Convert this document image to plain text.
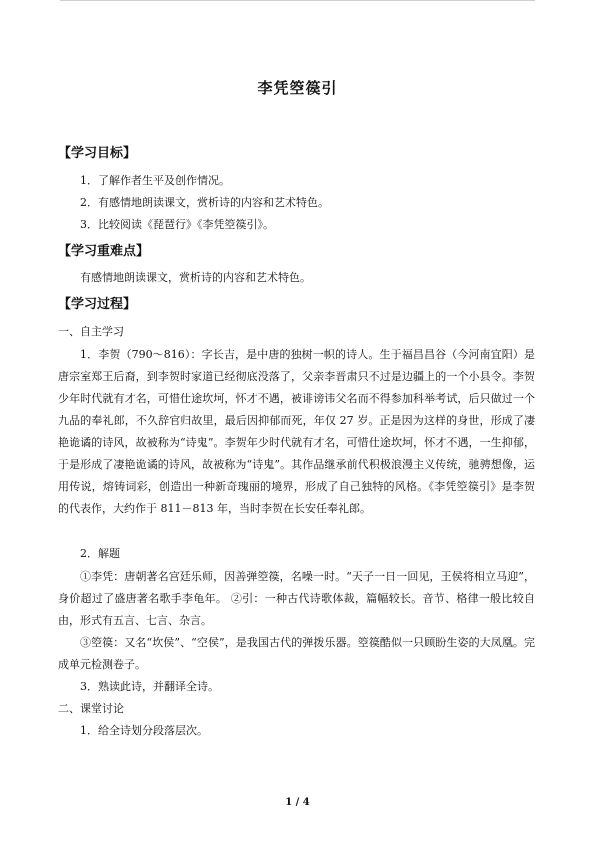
李凭箜篌引
【学习目标】
1．了解作者生平及创作情况。
2．有感情地朗读课文，赏析诗的内容和艺术特色。
3．比较阅读《琵琶行》《李凭箜篌引》。
【学习重难点】
有感情地朗读课文，赏析诗的内容和艺术特色。
【学习过程】
一、自主学习
1．李贺（790～816）：字长吉，是中唐的独树一帜的诗人。生于福昌昌谷（今河南宜阳）是唐宗室郑王后裔，到李贺时家道已经彻底没落了，父亲李晋肃只不过是边疆上的一个小县令。李贺少年时代就有才名，可惜仕途坎坷，怀才不遇，被诽谤讳父名而不得参加科举考试，后只做过一个九品的奉礼郎，不久辞官归故里，最后因抑郁而死，年仅 27 岁。正是因为这样的身世，形成了凄艳诡谲的诗风，故被称为“诗鬼”。李贺年少时代就有才名，可惜仕途坎坷，怀才不遇，一生抑郁，于是形成了凄艳诡谲的诗风，故被称为“诗鬼”。其作品继承前代积极浪漫主义传统，驰骋想像，运用传说，熔铸词彩，创造出一种新奇瑰丽的境界，形成了自己独特的风格。《李凭箜篌引》是李贺的代表作，大约作于 811－813 年，当时李贺在长安任奉礼郎。
2．解题
①李凭：唐朝著名宫廷乐师，因善弹箜篌，名噪一时。“天子一日一回见，王侯将相立马迎”，身价超过了盛唐著名歌手李龟年。 ②引：一种古代诗歌体裁，篇幅较长。音节、格律一般比较自由，形式有五言、七言、杂言。
③箜篌：又名“坎侯”、“空侯”，是我国古代的弹拨乐器。箜篌酷似一只顾盼生姿的大凤凰。完成单元检测卷子。
3．熟读此诗，并翻译全诗。
二、课堂讨论
1．给全诗划分段落层次。
1 / 4
